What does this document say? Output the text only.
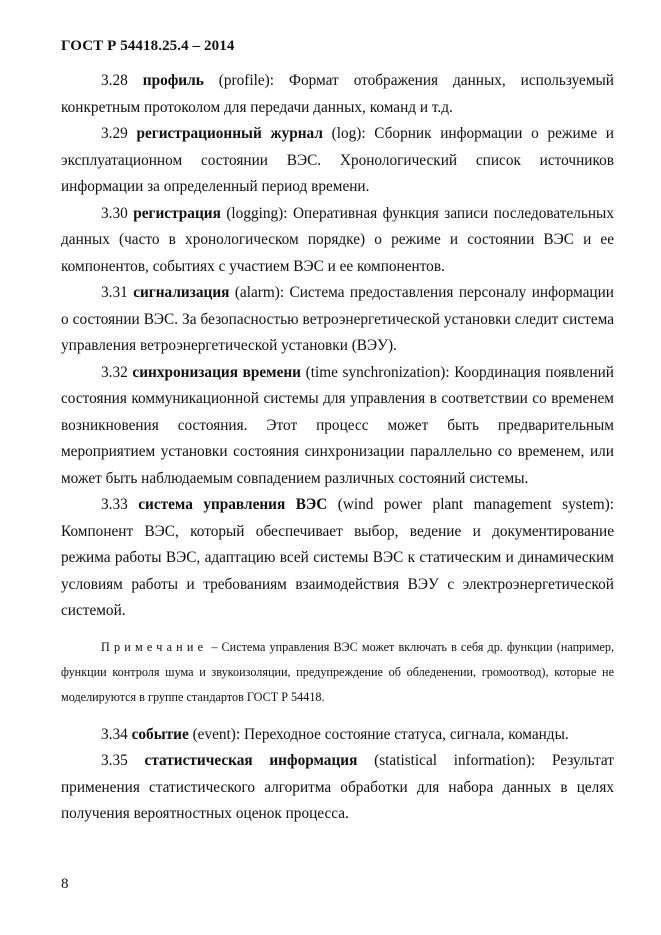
ГОСТ Р 54418.25.4 – 2014

3.28 профиль (profile): Формат отображения данных, используемый конкретным протоколом для передачи данных, команд и т.д.

3.29 регистрационный журнал (log): Сборник информации о режиме и эксплуатационном состоянии ВЭС. Хронологический список источников информации за определенный период времени.

3.30 регистрация (logging): Оперативная функция записи последовательных данных (часто в хронологическом порядке) о режиме и состоянии ВЭС и ее компонентов, событиях с участием ВЭС и ее компонентов.

3.31 сигнализация (alarm): Система предоставления персоналу информации о состоянии ВЭС. За безопасностью ветроэнергетической установки следит система управления ветроэнергетической установки (ВЭУ).

3.32 синхронизация времени (time synchronization): Координация появлений состояния коммуникационной системы для управления в соответствии со временем возникновения состояния. Этот процесс может быть предварительным мероприятием установки состояния синхронизации параллельно со временем, или может быть наблюдаемым совпадением различных состояний системы.

3.33 система управления ВЭС (wind power plant management system): Компонент ВЭС, который обеспечивает выбор, ведение и документирование режима работы ВЭС, адаптацию всей системы ВЭС к статическим и динамическим условиям работы и требованиям взаимодействия ВЭУ с электроэнергетической системой.

Примечание – Система управления ВЭС может включать в себя др. функции (например, функции контроля шума и звукоизоляции, предупреждение об обледенении, громоотвод), которые не моделируются в группе стандартов ГОСТ Р 54418.

3.34 событие (event): Переходное состояние статуса, сигнала, команды.

3.35 статистическая информация (statistical information): Результат применения статистического алгоритма обработки для набора данных в целях получения вероятностных оценок процесса.

8
